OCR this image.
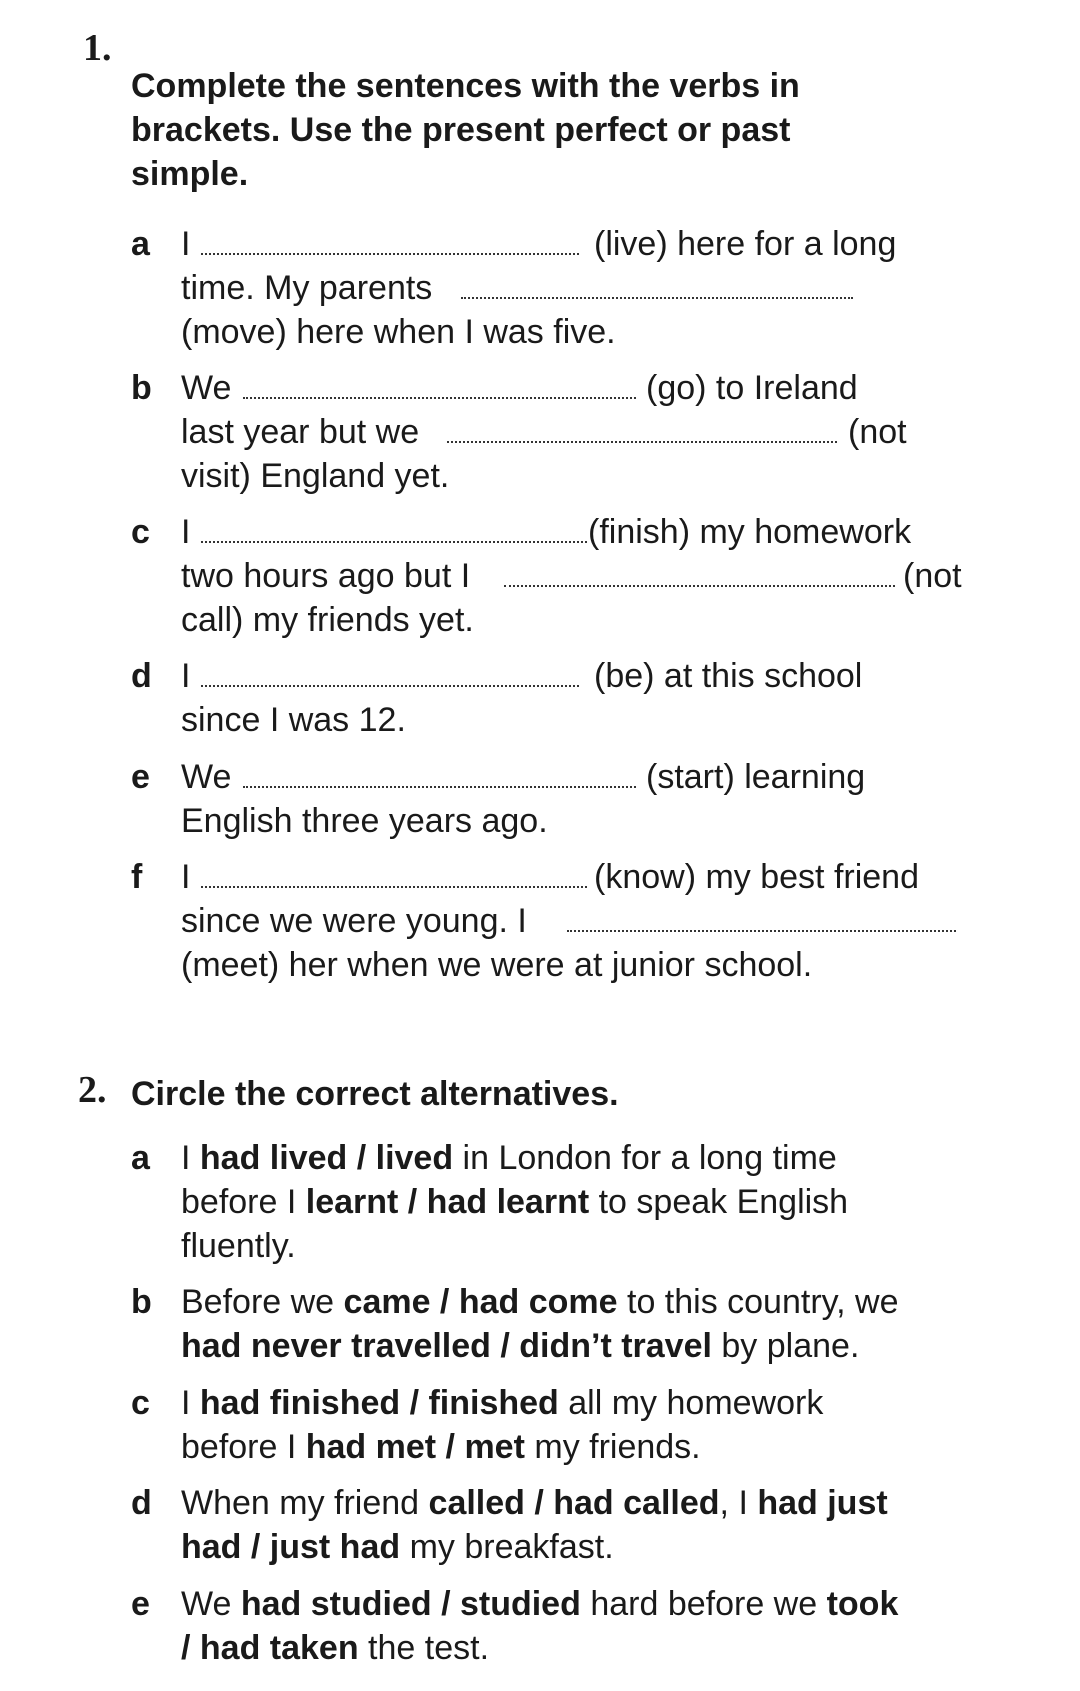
1.
Complete the sentences with the verbs in
brackets. Use the present perfect or past
simple.
a I	(live) here for a long
time. My parents
(move) here when I was five.
b We	(go) to Ireland
last year but we	(not
visit) England yet.
c I	(finish) my homework
two hours ago but I	(not
call) my friends yet.
d I	(be) at this school
since I was 12.
e We	(start) learning
English three years ago.
f	I	(know) my best friend
since we were young. I
(meet) her when we were at junior school.
2. Circle the correct alternatives.
a I had lived / lived in London for a long time
before I learnt / had learnt to speak English
fluently.
b Before we came / had come to this country, we
had never travelled / didn’t travel by plane.
c I had finished / finished all my homework
before I had met / met my friends.
d When my friend called / had called, I had just
had / just had my breakfast.
e We had studied / studied hard before we took
/ had taken the test.
